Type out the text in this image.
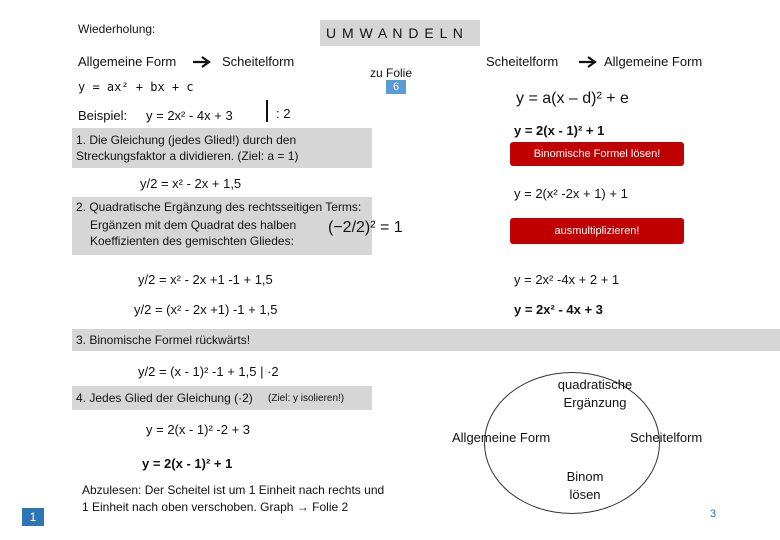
Wiederholung:	U M W A N D E L N
Allgemeine Form	Scheitelform
zu Folie
6
y = ax² + bx + c
Beispiel: y = 2x² - 4x + 3	: 2
1. Die Gleichung (jedes Glied!) durch den Streckungsfaktor a dividieren. (Ziel: a = 1)
y/2 = x² - 2x + 1,5
2. Quadratische Ergänzung des rechtsseitigen Terms:
Ergänzen mit dem Quadrat des halben Koeffizienten des gemischten Gliedes:
(−2/2)² = 1
y/2 = x² - 2x +1 -1 + 1,5
y/2 = (x² - 2x +1) -1 + 1,5
3. Binomische Formel rückwärts!
y/2 = (x - 1)² -1 + 1,5 | ·2
4. Jedes Glied der Gleichung (·2) (Ziel: y isolieren!)
y = 2(x - 1)² -2 + 3
y = 2(x - 1)² + 1
Abzulesen: Der Scheitel ist um 1 Einheit nach rechts und 1 Einheit nach oben verschoben. Graph → Folie 2
1
Scheitelform	Allgemeine Form
y = a(x – d)² + e
y = 2(x - 1)² + 1
Binomische Formel lösen!
y = 2(x² -2x + 1) + 1
ausmultiplizieren!
y = 2x² -4x + 2 + 1
y = 2x² - 4x + 3
quadratische Ergänzung
Allgemeine Form	Scheitelform
Binom lösen
3
